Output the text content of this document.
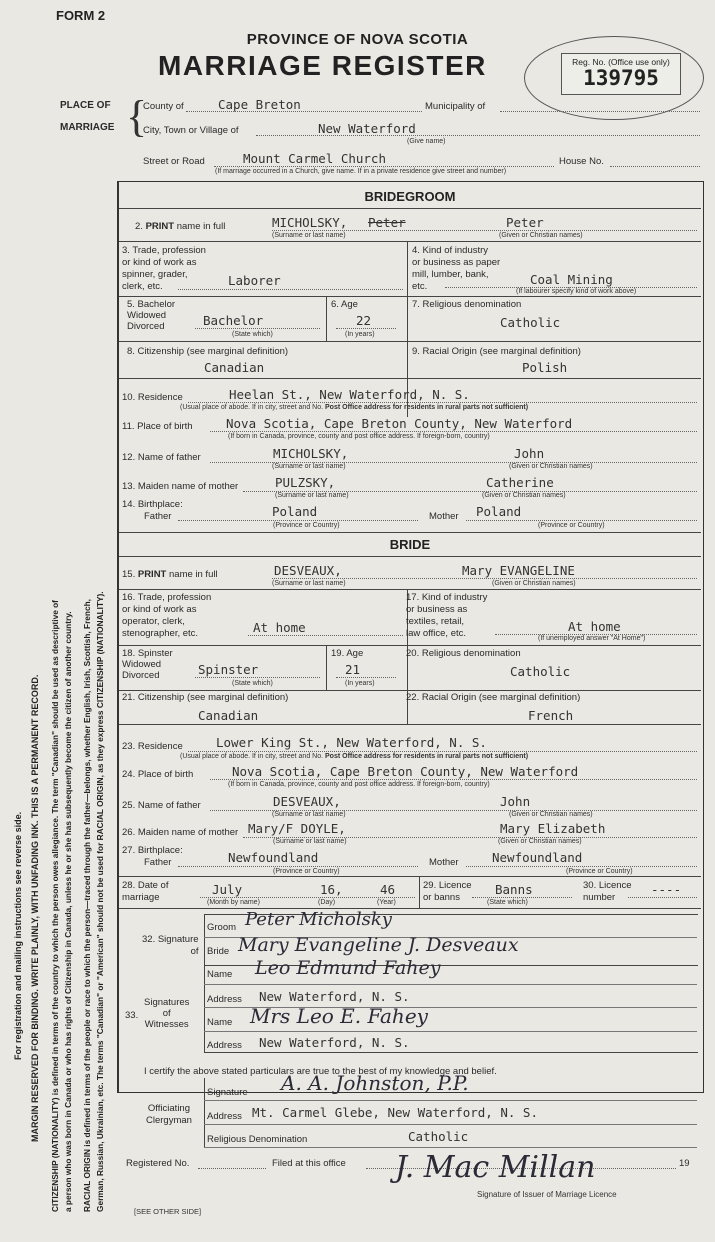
FORM 2
PROVINCE OF NOVA SCOTIA
MARRIAGE REGISTER	Reg. No. (Office use only)
139795
PLACE OF
MARRIAGE {
County of	Cape Breton	Municipality of
City, Town or Village of	New Waterford
(Give name)
Street or Road	Mount Carmel Church	House No.
(If marriage occurred in a Church, give name. If in a private residence give street and number)
For registration and mailing instructions see reverse side. MARGIN RESERVED FOR BINDING. WRITE PLAINLY, WITH UNFADING INK. THIS IS A PERMANENT RECORD. CITIZENSHIP (NATIONALITY) is defined in terms of the country to which the person owes allegiance. The term "Canadian" should be used as descriptive of a person who was born in Canada or who has rights of Citizenship in Canada, unless he or she has subsequently become the citizen of another country. RACIAL ORIGIN is defined in terms of the people or race to which the person—traced through the father—belongs, whether English, Irish, Scottish, French, German, Russian, Ukrainian, etc. The terms "Canadian" or "American" should not be used for RACIAL ORIGIN, as they express CITIZENSHIP (NATIONALITY).
BRIDEGROOM
2. PRINT name in full	MICHOLSKY, Peter	Peter
(Surname or last name)	(Given or Christian names)
3. Trade, profession
or kind of work as
spinner, grader,
clerk, etc.	Laborer
4. Kind of industry
or business as paper
mill, lumber, bank,
etc.	Coal Mining
(If labourer specify kind of work above)
5. Bachelor
Widowed
Divorced	Bachelor
(State which)
6. Age
22
(In years)
7. Religious denomination
Catholic
8. Citizenship (see marginal definition)
Canadian
9. Racial Origin (see marginal definition)
Polish
10. Residence	Heelan St., New Waterford, N. S.
(Usual place of abode. If in city, street and No. Post Office address for residents in rural parts not sufficient)
11. Place of birth	Nova Scotia, Cape Breton County, New Waterford
(If born in Canada, province, county and post office address. If foreign-born, country)
12. Name of father	MICHOLSKY,	John
(Surname or last name)	(Given or Christian names)
13. Maiden name of mother	PULZSKY,	Catherine
(Surname or last name)	(Given or Christian names)
14. Birthplace:
Father	Poland	Mother Poland
(Province or Country)	(Province or Country)
BRIDE
15. PRINT name in full	DESVEAUX,	Mary EVANGELINE
(Surname or last name)	(Given or Christian names)
16. Trade, profession
or kind of work as
operator, clerk,
stenographer, etc.	At home
17. Kind of industry
or business as
textiles, retail,
law office, etc.	At home
(If unemployed answer "At Home")
18. Spinster
Widowed
Divorced	Spinster
(State which)
19. Age
21
(In years)
20. Religious denomination
Catholic
21. Citizenship (see marginal definition)
Canadian
22. Racial Origin (see marginal definition)
French
23. Residence	Lower King St., New Waterford, N. S.
(Usual place of abode. If in city, street and No. Post Office address for residents in rural parts not sufficient)
24. Place of birth	Nova Scotia, Cape Breton County, New Waterford
(If born in Canada, province, county and post office address. If foreign-born, country)
25. Name of father	DESVEAUX,	John
(Surname or last name)	(Given or Christian names)
26. Maiden name of mother Mary/F DOYLE,	Mary Elizabeth
(Surname or last name)	(Given or Christian names)
27. Birthplace:
Father	Newfoundland	Mother	Newfoundland
(Province or Country)	(Province or Country)
28. Date of
marriage
July	16,	46
(Month by name)	(Day)	(Year)
29. Licence
or banns
Banns
(State which)
30. Licence
number
----
32. Signature
of
Groom Peter Micholsky
Bride Mary Evangeline J. Desveaux
33.
Signatures
of
Witnesses
Name Leo Edmund Fahey
Address New Waterford, N. S.
Name Mrs Leo E. Fahey
Address New Waterford, N. S.
I certify the above stated particulars are true to the best of my knowledge and belief.
Officiating
Clergyman
Signature A. A. Johnston, P.P.
Address Mt. Carmel Glebe, New Waterford, N. S.
Religious Denomination	Catholic
Registered No.	Filed at this office	19
J. Mac Millan
Signature of Issuer of Marriage Licence
[SEE OTHER SIDE]
